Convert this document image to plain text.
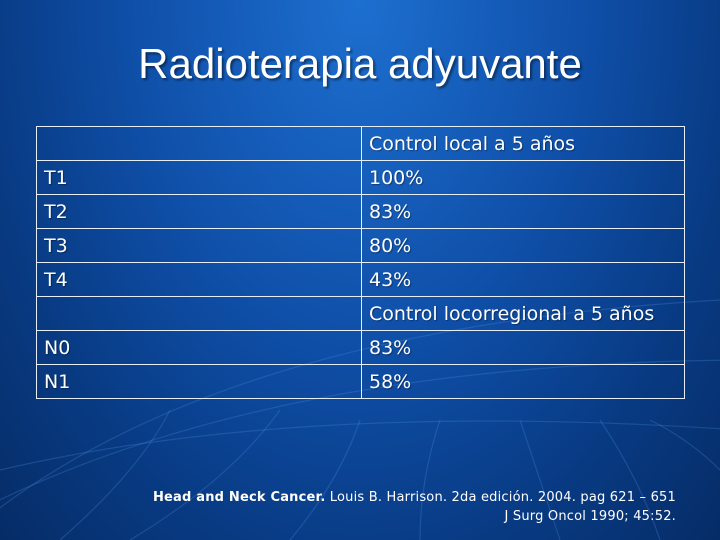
Radioterapia adyuvante
	Control local a 5 años
T1	100%
T2	83%
T3	80%
T4	43%
	Control locorregional a 5 años
N0	83%
N1	58%
Head and Neck Cancer. Louis B. Harrison. 2da edición. 2004. pag 621 – 651
J Surg Oncol 1990; 45:52.
